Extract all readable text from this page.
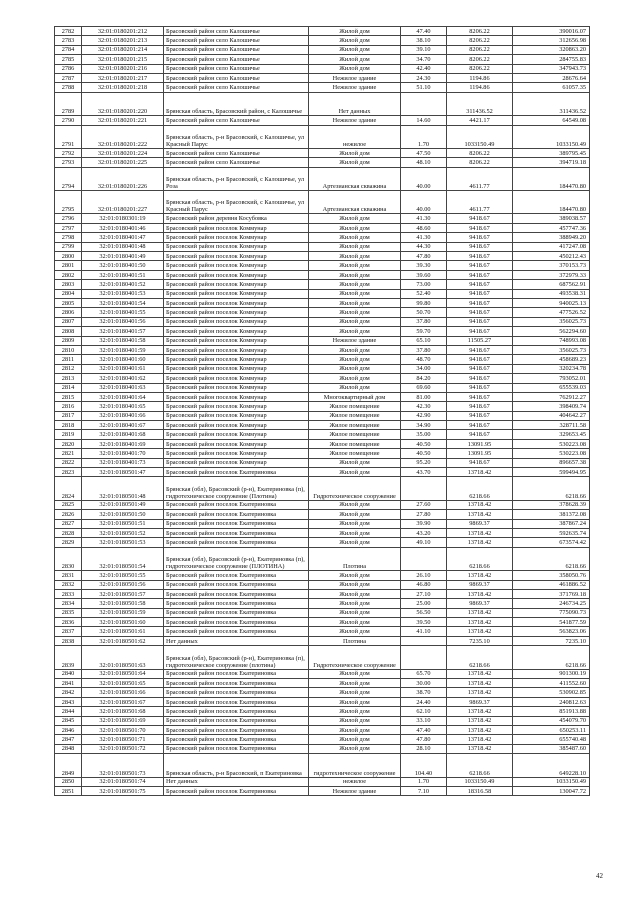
2782	32:01:0180201:212	Брасовский район село Калошичье	Жилой дом	47.40	8206.22	390016.07
2783	32:01:0180201:213	Брасовский район село Калошичье	Жилой дом	38.10	8206.22	312656.98
2784	32:01:0180201:214	Брасовский район село Калошичье	Жилой дом	39.10	8206.22	320863.20
2785	32:01:0180201:215	Брасовский район село Калошичье	Жилой дом	34.70	8206.22	284755.83
2786	32:01:0180201:216	Брасовский район село Калошичье	Жилой дом	42.40	8206.22	347943.73
2787	32:01:0180201:217	Брасовский район село Калошичье	Нежилое здание	24.30	1194.86	28676.64
2788	32:01:0180201:218	Брасовский район село Калошичье	Нежилое здание	51.10	1194.86	61057.35
2789	32:01:0180201:220	Брянская область, Брасовский район, с Калошичье	Нет данных		311436.52	311436.52
2790	32:01:0180201:221	Брасовский район село Калошичье	Нежилое здание	14.60	4421.17	64549.08
2791	32:01:0180201:222	Брянская область, р-н Брасовский, с Калошичье, ул Красный Парус	нежилое	1.70	1033150.49	1033150.49
2792	32:01:0180201:224	Брасовский район село Калошичье	Жилой дом	47.50	8206.22	389795.45
2793	32:01:0180201:225	Брасовский район село Калошичье	Жилой дом	48.10	8206.22	394719.18
2794	32:01:0180201:226	Брянская область, р-н Брасовский, с Калошичье, ул Роза	Артезианская скважина	40.00	4611.77	184470.80
2795	32:01:0180201:227	Брянская область, р-н Брасовский, с Калошичье, ул Красный Парус	Артезианская скважина	40.00	4611.77	184470.80
2796	32:01:0180301:19	Брасовский район деревня Косубовка	Жилой дом	41.30	9418.67	389038.57
2797	32:01:0180401:46	Брасовский район поселок Коммунар	Жилой дом	48.60	9418.67	457747.36
2798	32:01:0180401:47	Брасовский район поселок Коммунар	Жилой дом	41.30	9418.67	388949.20
2799	32:01:0180401:48	Брасовский район поселок Коммунар	Жилой дом	44.30	9418.67	417247.08
2800	32:01:0180401:49	Брасовский район поселок Коммунар	Жилой дом	47.80	9418.67	450212.43
2801	32:01:0180401:50	Брасовский район поселок Коммунар	Жилой дом	39.30	9418.67	370153.73
2802	32:01:0180401:51	Брасовский район поселок Коммунар	Жилой дом	39.60	9418.67	372979.33
2803	32:01:0180401:52	Брасовский район поселок Коммунар	Жилой дом	73.00	9418.67	687562.91
2804	32:01:0180401:53	Брасовский район поселок Коммунар	Жилой дом	52.40	9418.67	493538.31
2805	32:01:0180401:54	Брасовский район поселок Коммунар	Жилой дом	99.80	9418.67	940025.13
2806	32:01:0180401:55	Брасовский район поселок Коммунар	Жилой дом	50.70	9418.67	477526.52
2807	32:01:0180401:56	Брасовский район поселок Коммунар	Жилой дом	37.80	9418.67	356025.73
2808	32:01:0180401:57	Брасовский район поселок Коммунар	Жилой дом	59.70	9418.67	562294.60
2809	32:01:0180401:58	Брасовский район поселок Коммунар	Нежилое здание	65.10	11505.27	748993.08
2810	32:01:0180401:59	Брасовский район поселок Коммунар	Жилой дом	37.80	9418.67	356025.73
2811	32:01:0180401:60	Брасовский район поселок Коммунар	Жилой дом	48.70	9418.67	458689.23
2812	32:01:0180401:61	Брасовский район поселок Коммунар	Жилой дом	34.00	9418.67	320234.78
2813	32:01:0180401:62	Брасовский район поселок Коммунар	Жилой дом	84.20	9418.67	793052.01
2814	32:01:0180401:63	Брасовский район поселок Коммунар	Жилой дом	69.60	9418.67	655539.03
2815	32:01:0180401:64	Брасовский район поселок Коммунар	Многоквартирный дом	81.00	9418.67	762912.27
2816	32:01:0180401:65	Брасовский район поселок Коммунар	Жилое помещение	42.30	9418.67	398409.74
2817	32:01:0180401:66	Брасовский район поселок Коммунар	Жилое помещение	42.90	9418.67	404642.27
2818	32:01:0180401:67	Брасовский район поселок Коммунар	Жилое помещение	34.90	9418.67	328711.58
2819	32:01:0180401:68	Брасовский район поселок Коммунар	Жилое помещение	35.00	9418.67	329653.45
2820	32:01:0180401:69	Брасовский район поселок Коммунар	Жилое помещение	40.50	13091.95	530223.08
2821	32:01:0180401:70	Брасовский район поселок Коммунар	Жилое помещение	40.50	13091.95	530223.08
2822	32:01:0180401:73	Брасовский район поселок Коммунар	Жилой дом	95.20	9418.67	896657.38
2823	32:01:0180501:47	Брасовский район поселок Екатериновка	Жилой дом	43.70	13718.42	599494.95
2824	32:01:0180501:48	Брянская (обл), Брасовский (р-н), Екатериновка (п), гидротехническое сооружение (Плотина)	Гидротехническое сооружение		6218.66	6218.66
2825	32:01:0180501:49	Брасовский район поселок Екатериновка	Жилой дом	27.60	13718.42	378628.39
2826	32:01:0180501:50	Брасовский район поселок Екатериновка	Жилой дом	27.80	13718.42	381372.08
2827	32:01:0180501:51	Брасовский район поселок Екатериновка	Жилой дом	39.90	9869.37	387867.24
2828	32:01:0180501:52	Брасовский район поселок Екатериновка	Жилой дом	43.20	13718.42	592635.74
2829	32:01:0180501:53	Брасовский район поселок Екатериновка	Жилой дом	49.10	13718.42	673574.42
2830	32:01:0180501:54	Брянская (обл), Брасовский (р-н), Екатериновка (п), гидротехническое сооружение (ПЛОТИНА)	Плотина		6218.66	6218.66
2831	32:01:0180501:55	Брасовский район поселок Екатериновка	Жилой дом	26.10	13718.42	358050.76
2832	32:01:0180501:56	Брасовский район поселок Екатериновка	Жилой дом	46.80	9869.37	461886.52
2833	32:01:0180501:57	Брасовский район поселок Екатериновка	Жилой дом	27.10	13718.42	371769.18
2834	32:01:0180501:58	Брасовский район поселок Екатериновка	Жилой дом	25.00	9869.37	246734.25
2835	32:01:0180501:59	Брасовский район поселок Екатериновка	Жилой дом	56.50	13718.42	775090.73
2836	32:01:0180501:60	Брасовский район поселок Екатериновка	Жилой дом	39.50	13718.42	541877.59
2837	32:01:0180501:61	Брасовский район поселок Екатериновка	Жилой дом	41.10	13718.42	563823.06
2838	32:01:0180501:62	Нет данных	Плотина		7235.10	7235.10
2839	32:01:0180501:63	Брянская (обл), Брасовский (р-н), Екатериновка (п), гидротехническое сооружение (плотина)	Гидротехническое сооружение		6218.66	6218.66
2840	32:01:0180501:64	Брасовский район поселок Екатериновка	Жилой дом	65.70	13718.42	901300.19
2841	32:01:0180501:65	Брасовский район поселок Екатериновка	Жилой дом	30.00	13718.42	411552.60
2842	32:01:0180501:66	Брасовский район поселок Екатериновка	Жилой дом	38.70	13718.42	530902.85
2843	32:01:0180501:67	Брасовский район поселок Екатериновка	Жилой дом	24.40	9869.37	240812.63
2844	32:01:0180501:68	Брасовский район поселок Екатериновка	Жилой дом	62.10	13718.42	851913.88
2845	32:01:0180501:69	Брасовский район поселок Екатериновка	Жилой дом	33.10	13718.42	454079.70
2846	32:01:0180501:70	Брасовский район поселок Екатериновка	Жилой дом	47.40	13718.42	650253.11
2847	32:01:0180501:71	Брасовский район поселок Екатериновка	Жилой дом	47.80	13718.42	655740.48
2848	32:01:0180501:72	Брасовский район поселок Екатериновка	Жилой дом	28.10	13718.42	385487.60
2849	32:01:0180501:73	Брянская область, р-н Брасовский, п Екатериновка	гидротехническое сооружение	104.40	6218.66	649228.10
2850	32:01:0180501:74	Нет данных	нежилое	1.70	1033150.49	1033150.49
2851	32:01:0180501:75	Брасовский район поселок Екатериновка	Нежилое здание	7.10	18316.58	130047.72
42
